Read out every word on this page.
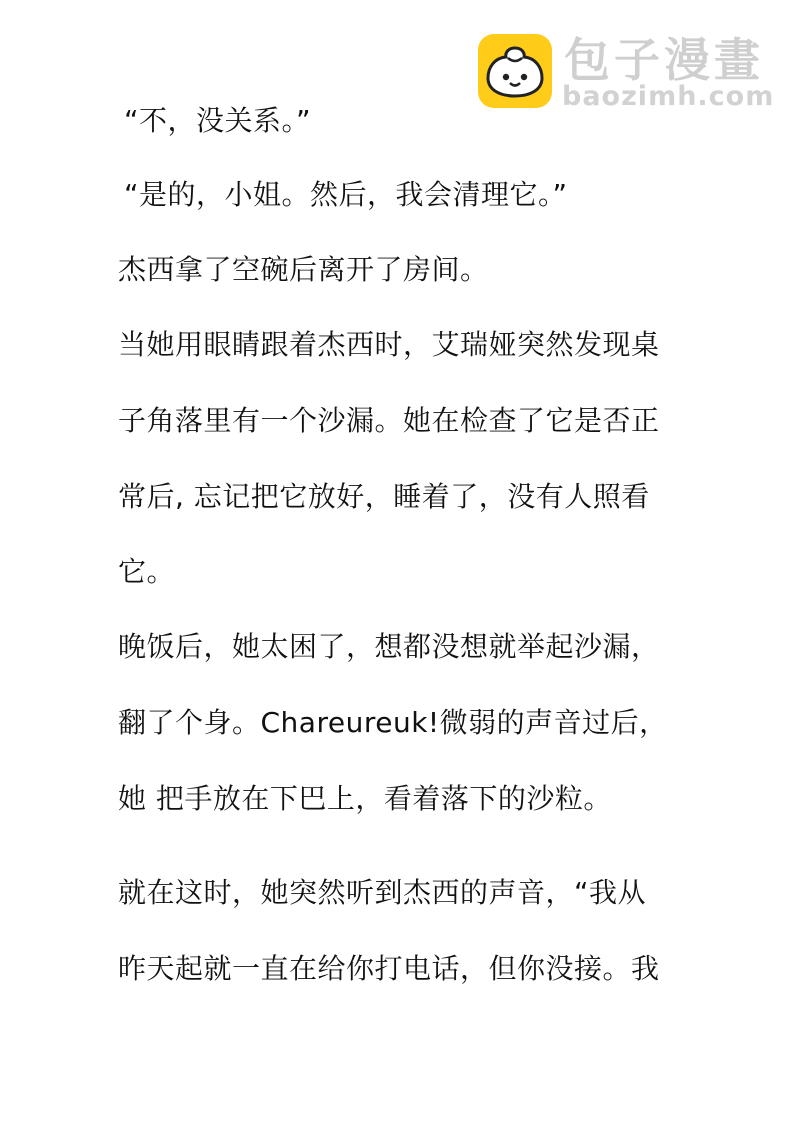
包子漫畫
baozimh.com
“不，没关系。”
“是的，小姐。然后，我会清理它。”
杰西拿了空碗后离开了房间。
当她用眼睛跟着杰西时，艾瑞娅突然发现桌
子角落里有一个沙漏。她在检查了它是否正
常后, 忘记把它放好，睡着了，没有人照看
它。
晚饭后，她太困了，想都没想就举起沙漏，
翻了个身。Chareureuk!微弱的声音过后，
她 把手放在下巴上，看着落下的沙粒。
就在这时，她突然听到杰西的声音，“我从
昨天起就一直在给你打电话，但你没接。我
